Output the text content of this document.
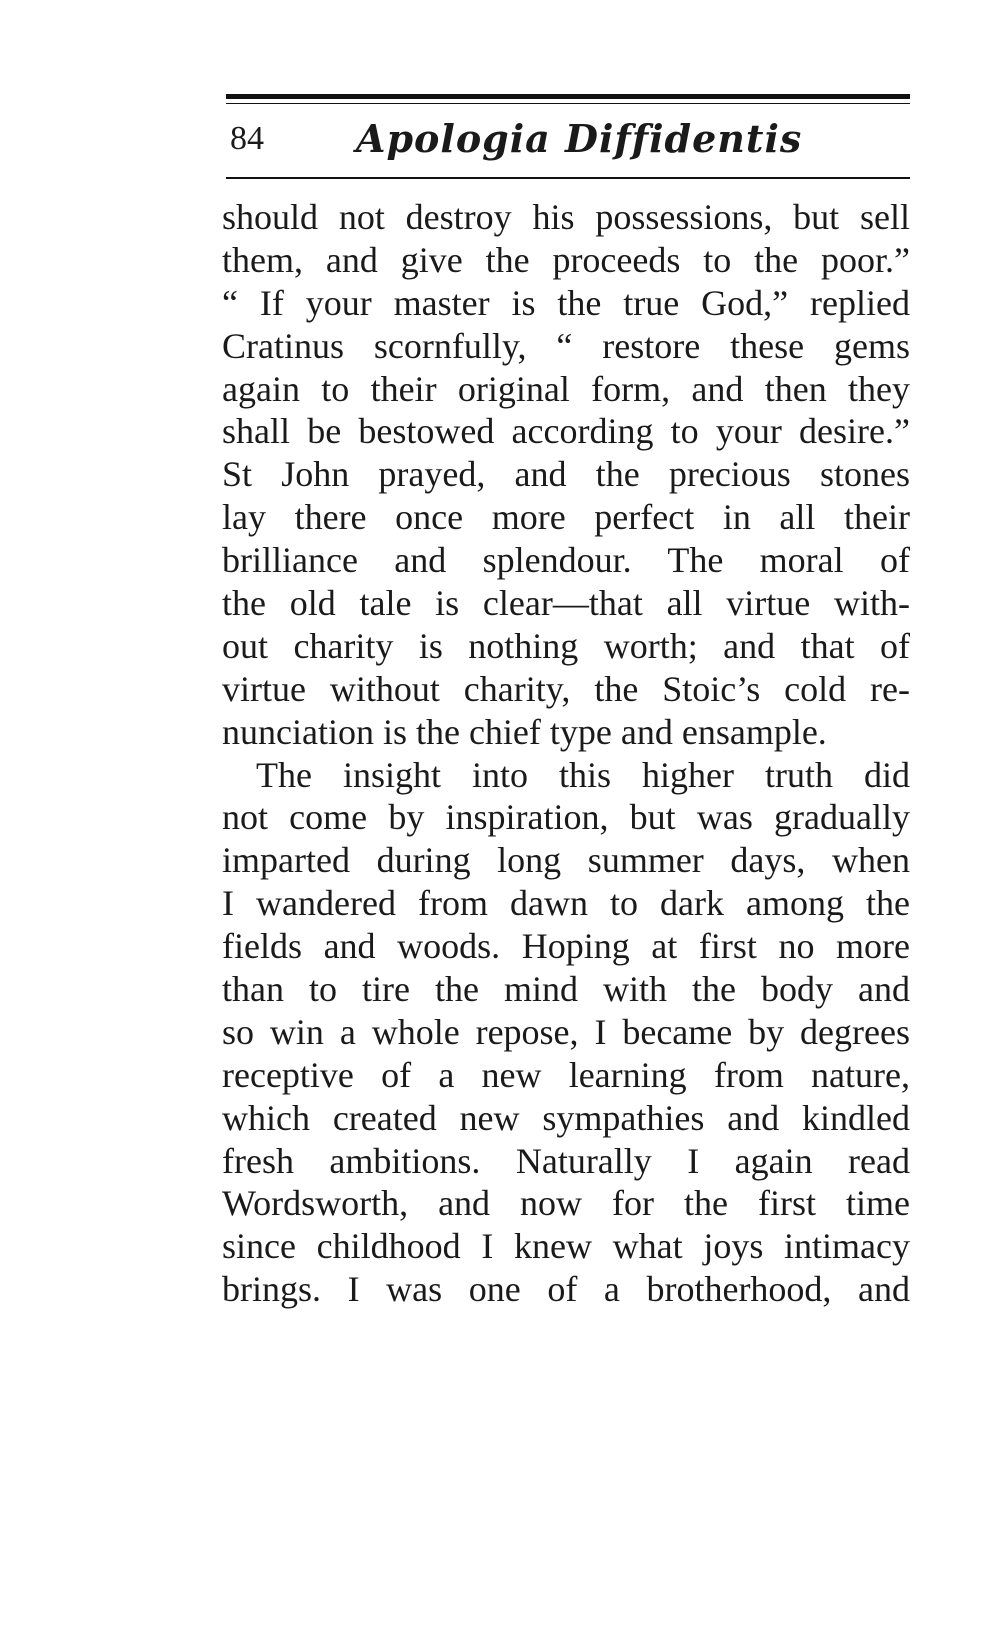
84 Apologia Diffidentis
should not destroy his possessions, but sell
them, and give the proceeds to the poor.”
“ If your master is the true God,” replied
Cratinus scornfully, “ restore these gems
again to their original form, and then they
shall be bestowed according to your desire.”
St John prayed, and the precious stones
lay there once more perfect in all their
brilliance and splendour. The moral of
the old tale is clear—that all virtue with-
out charity is nothing worth; and that of
virtue without charity, the Stoic’s cold re-
nunciation is the chief type and ensample.
The insight into this higher truth did
not come by inspiration, but was gradually
imparted during long summer days, when
I wandered from dawn to dark among the
fields and woods. Hoping at first no more
than to tire the mind with the body and
so win a whole repose, I became by degrees
receptive of a new learning from nature,
which created new sympathies and kindled
fresh ambitions. Naturally I again read
Wordsworth, and now for the first time
since childhood I knew what joys intimacy
brings. I was one of a brotherhood, and
